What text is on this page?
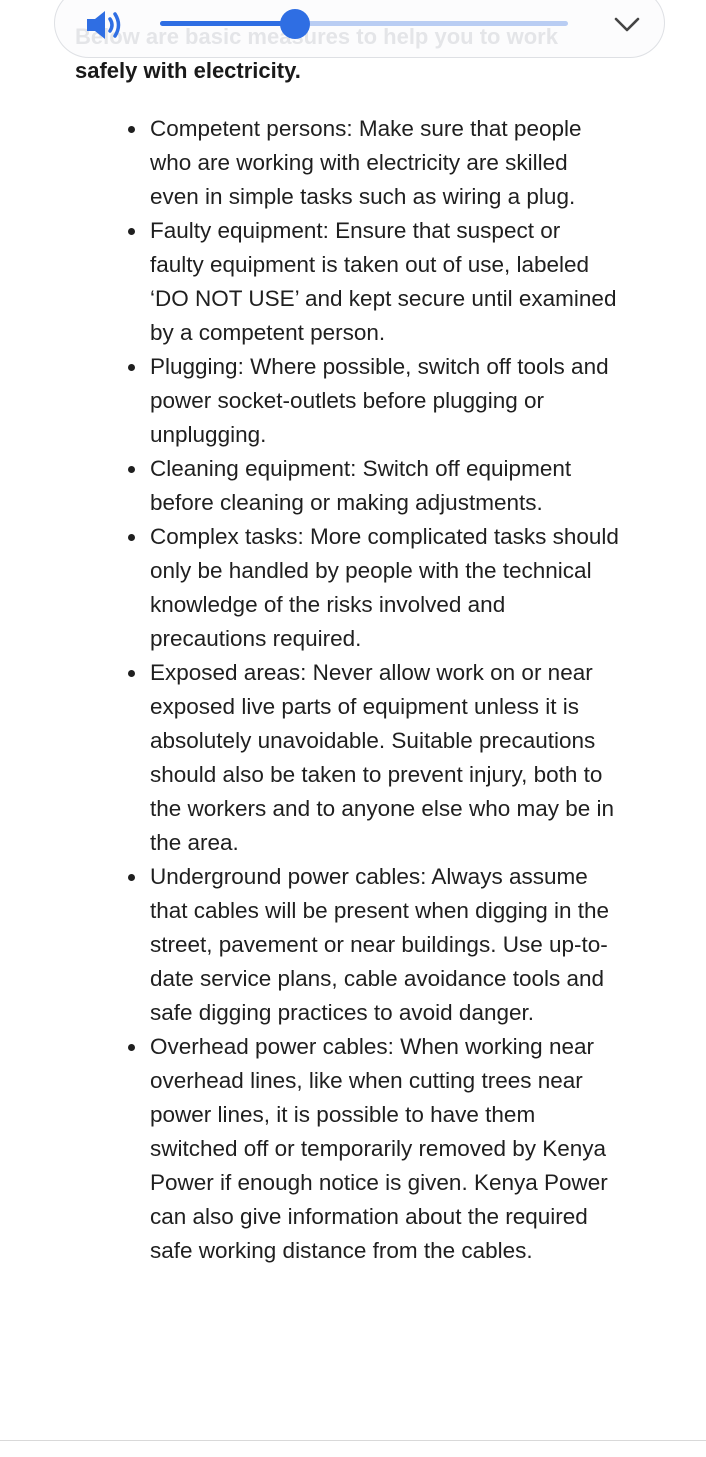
safely with electricity.
Competent persons: Make sure that people who are working with electricity are skilled even in simple tasks such as wiring a plug.
Faulty equipment: Ensure that suspect or faulty equipment is taken out of use, labeled ‘DO NOT USE’ and kept secure until examined by a competent person.
Plugging: Where possible, switch off tools and power socket-outlets before plugging or unplugging.
Cleaning equipment: Switch off equipment before cleaning or making adjustments.
Complex tasks: More complicated tasks should only be handled by people with the technical knowledge of the risks involved and precautions required.
Exposed areas: Never allow work on or near exposed live parts of equipment unless it is absolutely unavoidable. Suitable precautions should also be taken to prevent injury, both to the workers and to anyone else who may be in the area.
Underground power cables: Always assume that cables will be present when digging in the street, pavement or near buildings. Use up-to-date service plans, cable avoidance tools and safe digging practices to avoid danger.
Overhead power cables: When working near overhead lines, like when cutting trees near power lines, it is possible to have them switched off or temporarily removed by Kenya Power if enough notice is given. Kenya Power can also give information about the required safe working distance from the cables.
